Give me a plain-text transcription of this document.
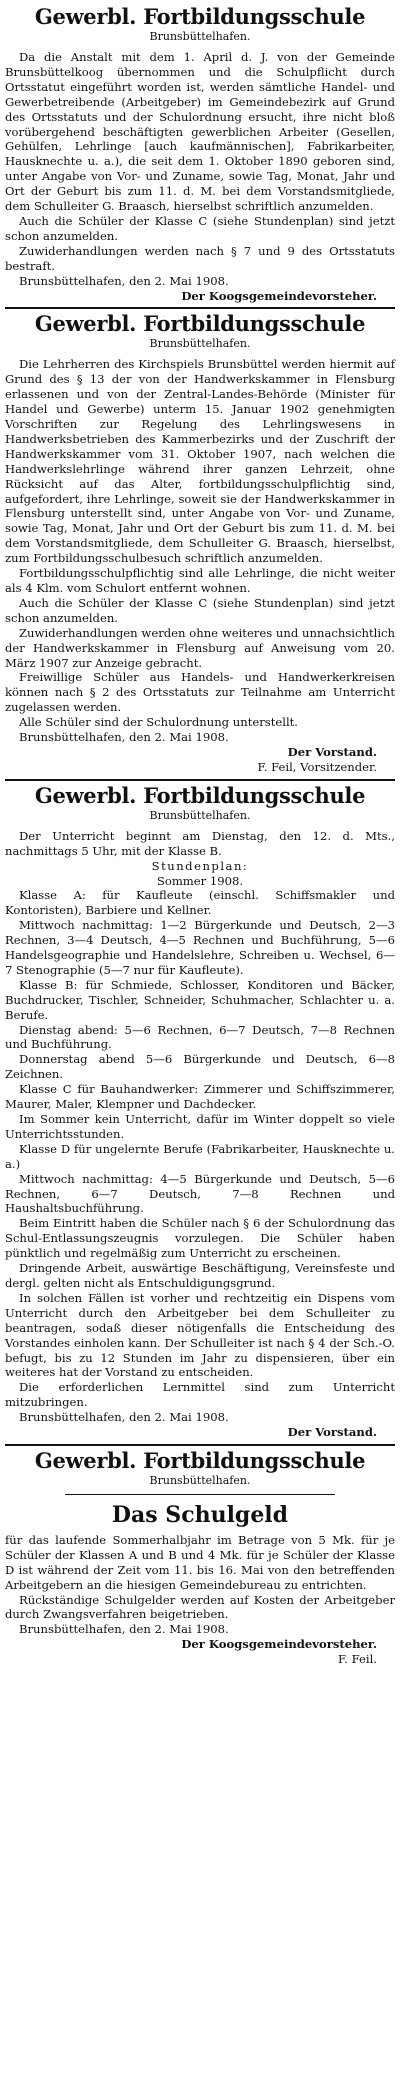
Gewerbl. Fortbildungsschule
Brunsbüttelhafen.

Da die Anstalt mit dem 1. April d. J. von der Gemeinde Brunsbüttelkoog übernommen und die Schulpflicht durch Ortsstatut eingeführt worden ist, werden sämtliche Handel- und Gewerbetreibende (Arbeitgeber) im Gemeindebezirk auf Grund des Ortsstatuts und der Schulordnung ersucht, ihre nicht bloß vorübergehend beschäftigten gewerblichen Arbeiter (Gesellen, Gehülfen, Lehrlinge [auch kaufmännischen], Fabrikarbeiter, Hausknechte u. a.), die seit dem 1. Oktober 1890 geboren sind, unter Angabe von Vor- und Zuname, sowie Tag, Monat, Jahr und Ort der Geburt bis zum 11. d. M. bei dem Vorstandsmitgliede, dem Schulleiter G. Braasch, hierselbst schriftlich anzumelden.

Auch die Schüler der Klasse C (siehe Stundenplan) sind jetzt schon anzumelden.

Zuwiderhandlungen werden nach § 7 und 9 des Ortsstatuts bestraft.

Brunsbüttelhafen, den 2. Mai 1908.

Der Koogsgemeindevorsteher.

Gewerbl. Fortbildungsschule
Brunsbüttelhafen.

Die Lehrherren des Kirchspiels Brunsbüttel werden hiermit auf Grund des § 13 der von der Handwerkskammer in Flensburg erlassenen und von der Zentral-Landes-Behörde (Minister für Handel und Gewerbe) unterm 15. Januar 1902 genehmigten Vorschriften zur Regelung des Lehrlingswesens in Handwerksbetrieben des Kammerbezirks und der Zuschrift der Handwerkskammer vom 31. Oktober 1907, nach welchen die Handwerkslehrlinge während ihrer ganzen Lehrzeit, ohne Rücksicht auf das Alter, fortbildungsschulpflichtig sind, aufgefordert, ihre Lehrlinge, soweit sie der Handwerkskammer in Flensburg unterstellt sind, unter Angabe von Vor- und Zuname, sowie Tag, Monat, Jahr und Ort der Geburt bis zum 11. d. M. bei dem Vorstandsmitgliede, dem Schulleiter G. Braasch, hierselbst, zum Fortbildungsschulbesuch schriftlich anzumelden.

Fortbildungsschulpflichtig sind alle Lehrlinge, die nicht weiter als 4 Klm. vom Schulort entfernt wohnen.

Auch die Schüler der Klasse C (siehe Stundenplan) sind jetzt schon anzumelden.

Zuwiderhandlungen werden ohne weiteres und unnachsichtlich der Handwerkskammer in Flensburg auf Anweisung vom 20. März 1907 zur Anzeige gebracht.

Freiwillige Schüler aus Handels- und Handwerkerkreisen können nach § 2 des Ortsstatuts zur Teilnahme am Unterricht zugelassen werden.

Alle Schüler sind der Schulordnung unterstellt.

Brunsbüttelhafen, den 2. Mai 1908.

Der Vorstand.

F. Feil, Vorsitzender.

Gewerbl. Fortbildungsschule
Brunsbüttelhafen.

Der Unterricht beginnt am Dienstag, den 12. d. Mts., nachmittags 5 Uhr, mit der Klasse B.

Stundenplan:

Sommer 1908.

Klasse A: für Kaufleute (einschl. Schiffsmakler und Kontoristen), Barbiere und Kellner.

Mittwoch nachmittag: 1—2 Bürgerkunde und Deutsch, 2—3 Rechnen, 3—4 Deutsch, 4—5 Rechnen und Buchführung, 5—6 Handelsgeographie und Handelslehre, Schreiben u. Wechsel, 6—7 Stenographie (5—7 nur für Kaufleute).

Klasse B: für Schmiede, Schlosser, Konditoren und Bäcker, Buchdrucker, Tischler, Schneider, Schuhmacher, Schlachter u. a. Berufe.

Dienstag abend: 5—6 Rechnen, 6—7 Deutsch, 7—8 Rechnen und Buchführung.

Donnerstag abend 5—6 Bürgerkunde und Deutsch, 6—8 Zeichnen.

Klasse C für Bauhandwerker: Zimmerer und Schiffszimmerer, Maurer, Maler, Klempner und Dachdecker.

Im Sommer kein Unterricht, dafür im Winter doppelt so viele Unterrichtsstunden.

Klasse D für ungelernte Berufe (Fabrikarbeiter, Hausknechte u. a.)

Mittwoch nachmittag: 4—5 Bürgerkunde und Deutsch, 5—6 Rechnen, 6—7 Deutsch, 7—8 Rechnen und Haushaltsbuchführung.

Beim Eintritt haben die Schüler nach § 6 der Schulordnung das Schul-Entlassungszeugnis vorzulegen. Die Schüler haben pünktlich und regelmäßig zum Unterricht zu erscheinen.

Dringende Arbeit, auswärtige Beschäftigung, Vereinsfeste und dergl. gelten nicht als Entschuldigungsgrund.

In solchen Fällen ist vorher und rechtzeitig ein Dispens vom Unterricht durch den Arbeitgeber bei dem Schulleiter zu beantragen, sodaß dieser nötigenfalls die Entscheidung des Vorstandes einholen kann. Der Schulleiter ist nach § 4 der Sch.-O. befugt, bis zu 12 Stunden im Jahr zu dispensieren, über ein weiteres hat der Vorstand zu entscheiden.

Die erforderlichen Lernmittel sind zum Unterricht mitzubringen.

Brunsbüttelhafen, den 2. Mai 1908.

Der Vorstand.

Gewerbl. Fortbildungsschule
Brunsbüttelhafen.
Das Schulgeld

für das laufende Sommerhalbjahr im Betrage von 5 Mk. für je Schüler der Klassen A und B und 4 Mk. für je Schüler der Klasse D ist während der Zeit vom 11. bis 16. Mai von den betreffenden Arbeitgebern an die hiesigen Gemeindebureau zu entrichten.

Rückständige Schulgelder werden auf Kosten der Arbeitgeber durch Zwangsverfahren beigetrieben.

Brunsbüttelhafen, den 2. Mai 1908.

Der Koogsgemeindevorsteher.

F. Feil.
